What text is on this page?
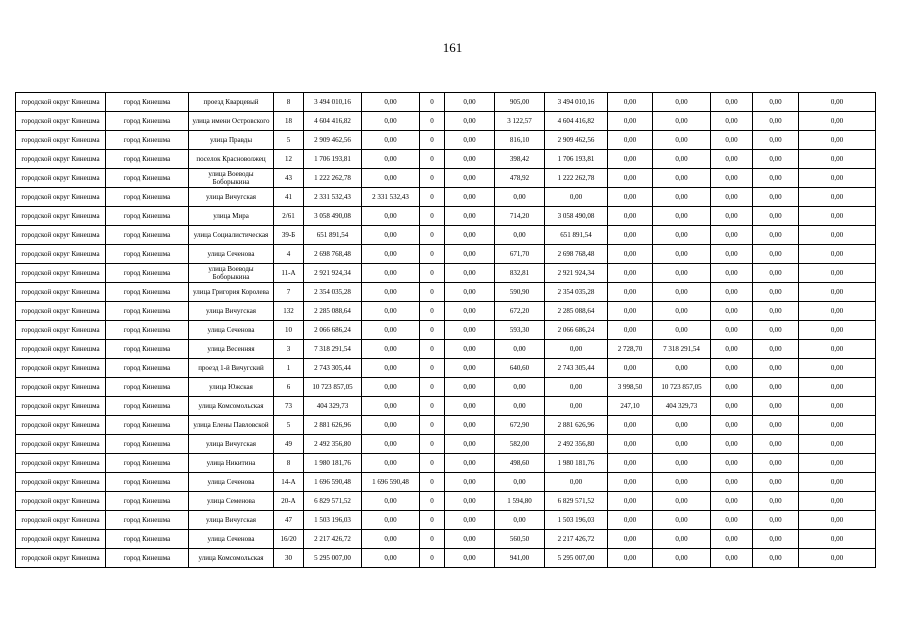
161
городской округ Кинешма	город Кинешма	проезд Кварцевый	8	3 494 010,16	0,00	0	0,00	905,00	3 494 010,16	0,00	0,00	0,00	0,00	0,00
городской округ Кинешма	город Кинешма	улица имени Островского	18	4 604 416,82	0,00	0	0,00	3 122,57	4 604 416,82	0,00	0,00	0,00	0,00	0,00
городской округ Кинешма	город Кинешма	улица Правды	5	2 909 462,56	0,00	0	0,00	816,10	2 909 462,56	0,00	0,00	0,00	0,00	0,00
городской округ Кинешма	город Кинешма	поселок Красноволжец	12	1 706 193,81	0,00	0	0,00	398,42	1 706 193,81	0,00	0,00	0,00	0,00	0,00
городской округ Кинешма	город Кинешма	улица Воеводы Боборыкина	43	1 222 262,78	0,00	0	0,00	478,92	1 222 262,78	0,00	0,00	0,00	0,00	0,00
городской округ Кинешма	город Кинешма	улица Вичугская	41	2 331 532,43	2 331 532,43	0	0,00	0,00	0,00	0,00	0,00	0,00	0,00	0,00
городской округ Кинешма	город Кинешма	улица Мира	2/61	3 058 490,08	0,00	0	0,00	714,20	3 058 490,08	0,00	0,00	0,00	0,00	0,00
городской округ Кинешма	город Кинешма	улица Социалистическая	39-Б	651 891,54	0,00	0	0,00	0,00	651 891,54	0,00	0,00	0,00	0,00	0,00
городской округ Кинешма	город Кинешма	улица Сеченова	4	2 698 768,48	0,00	0	0,00	671,70	2 698 768,48	0,00	0,00	0,00	0,00	0,00
городской округ Кинешма	город Кинешма	улица Воеводы Боборыкина	11-А	2 921 924,34	0,00	0	0,00	832,81	2 921 924,34	0,00	0,00	0,00	0,00	0,00
городской округ Кинешма	город Кинешма	улица Григория Королева	7	2 354 035,28	0,00	0	0,00	590,90	2 354 035,28	0,00	0,00	0,00	0,00	0,00
городской округ Кинешма	город Кинешма	улица Вичугская	132	2 285 088,64	0,00	0	0,00	672,20	2 285 088,64	0,00	0,00	0,00	0,00	0,00
городской округ Кинешма	город Кинешма	улица Сеченова	10	2 066 686,24	0,00	0	0,00	593,30	2 066 686,24	0,00	0,00	0,00	0,00	0,00
городской округ Кинешма	город Кинешма	улица Весенняя	3	7 318 291,54	0,00	0	0,00	0,00	0,00	2 728,70	7 318 291,54	0,00	0,00	0,00
городской округ Кинешма	город Кинешма	проезд 1-й Вичугский	1	2 743 305,44	0,00	0	0,00	640,60	2 743 305,44	0,00	0,00	0,00	0,00	0,00
городской округ Кинешма	город Кинешма	улица Южская	6	10 723 857,05	0,00	0	0,00	0,00	0,00	3 998,50	10 723 857,05	0,00	0,00	0,00
городской округ Кинешма	город Кинешма	улица Комсомольская	73	404 329,73	0,00	0	0,00	0,00	0,00	247,10	404 329,73	0,00	0,00	0,00
городской округ Кинешма	город Кинешма	улица Елены Павловской	5	2 881 626,96	0,00	0	0,00	672,90	2 881 626,96	0,00	0,00	0,00	0,00	0,00
городской округ Кинешма	город Кинешма	улица Вичугская	49	2 492 356,80	0,00	0	0,00	582,00	2 492 356,80	0,00	0,00	0,00	0,00	0,00
городской округ Кинешма	город Кинешма	улица Никитина	8	1 980 181,76	0,00	0	0,00	498,60	1 980 181,76	0,00	0,00	0,00	0,00	0,00
городской округ Кинешма	город Кинешма	улица Сеченова	14-А	1 696 590,48	1 696 590,48	0	0,00	0,00	0,00	0,00	0,00	0,00	0,00	0,00
городской округ Кинешма	город Кинешма	улица Семенова	20-А	6 829 571,52	0,00	0	0,00	1 594,80	6 829 571,52	0,00	0,00	0,00	0,00	0,00
городской округ Кинешма	город Кинешма	улица Вичугская	47	1 503 196,03	0,00	0	0,00	0,00	1 503 196,03	0,00	0,00	0,00	0,00	0,00
городской округ Кинешма	город Кинешма	улица Сеченова	16/20	2 217 426,72	0,00	0	0,00	560,50	2 217 426,72	0,00	0,00	0,00	0,00	0,00
городской округ Кинешма	город Кинешма	улица Комсомольская	30	5 295 007,00	0,00	0	0,00	941,00	5 295 007,00	0,00	0,00	0,00	0,00	0,00
